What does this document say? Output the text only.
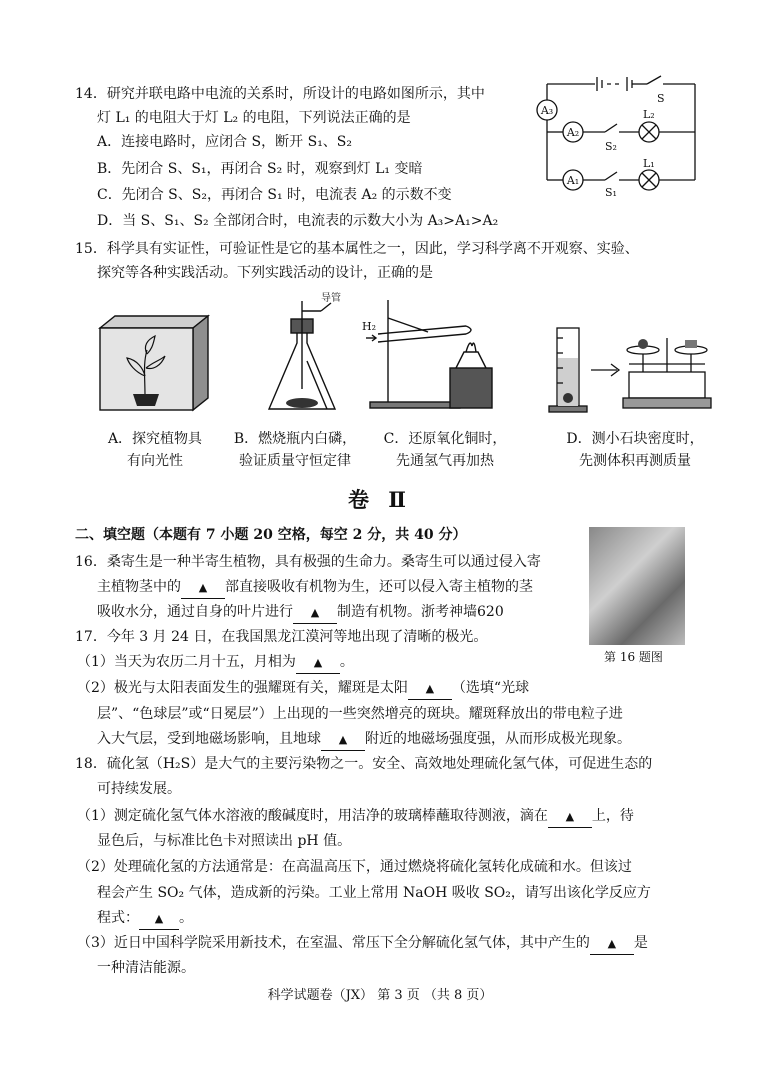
14．研究并联电路中电流的关系时，所设计的电路如图所示，其中
灯 L₁ 的电阻大于灯 L₂ 的电阻，下列说法正确的是
A．连接电路时，应闭合 S，断开 S₁、S₂
B．先闭合 S、S₁，再闭合 S₂ 时，观察到灯 L₁ 变暗
C．先闭合 S、S₂，再闭合 S₁ 时，电流表 A₂ 的示数不变
D．当 S、S₁、S₂ 全部闭合时，电流表的示数大小为 A₃>A₁>A₂
A₃
A₂
A₁
S
S₂
S₁
L₂
L₁
15．科学具有实证性，可验证性是它的基本属性之一，因此，学习科学离不开观察、实验、
探究等各种实践活动。下列实践活动的设计，正确的是
导管
H₂
A．探究植物具
有向光性
B．燃烧瓶内白磷，
验证质量守恒定律
C．还原氧化铜时，
先通氢气再加热
D．测小石块密度时，
先测体积再测质量
卷 Ⅱ
二、填空题（本题有 7 小题 20 空格，每空 2 分，共 40 分）
第 16 题图
16．桑寄生是一种半寄生植物，具有极强的生命力。桑寄生可以通过侵入寄
主植物茎中的 ▲ 部直接吸收有机物为生，还可以侵入寄主植物的茎
吸收水分，通过自身的叶片进行 ▲ 制造有机物。浙考神墙620
17．今年 3 月 24 日，在我国黑龙江漠河等地出现了清晰的极光。
（1）当天为农历二月十五，月相为 ▲ 。
（2）极光与太阳表面发生的强耀斑有关，耀斑是太阳 ▲ （选填“光球
层”、“色球层”或“日冕层”）上出现的一些突然增亮的斑块。耀斑释放出的带电粒子进
入大气层，受到地磁场影响，且地球 ▲ 附近的地磁场强度强，从而形成极光现象。
18．硫化氢（H₂S）是大气的主要污染物之一。安全、高效地处理硫化氢气体，可促进生态的
可持续发展。
（1）测定硫化氢气体水溶液的酸碱度时，用洁净的玻璃棒蘸取待测液，滴在 ▲ 上，待
显色后，与标准比色卡对照读出 pH 值。
（2）处理硫化氢的方法通常是：在高温高压下，通过燃烧将硫化氢转化成硫和水。但该过
程会产生 SO₂ 气体，造成新的污染。工业上常用 NaOH 吸收 SO₂，请写出该化学反应方
程式： ▲ 。
（3）近日中国科学院采用新技术，在室温、常压下全分解硫化氢气体，其中产生的 ▲ 是
一种清洁能源。
科学试题卷（JX） 第 3 页 （共 8 页）
